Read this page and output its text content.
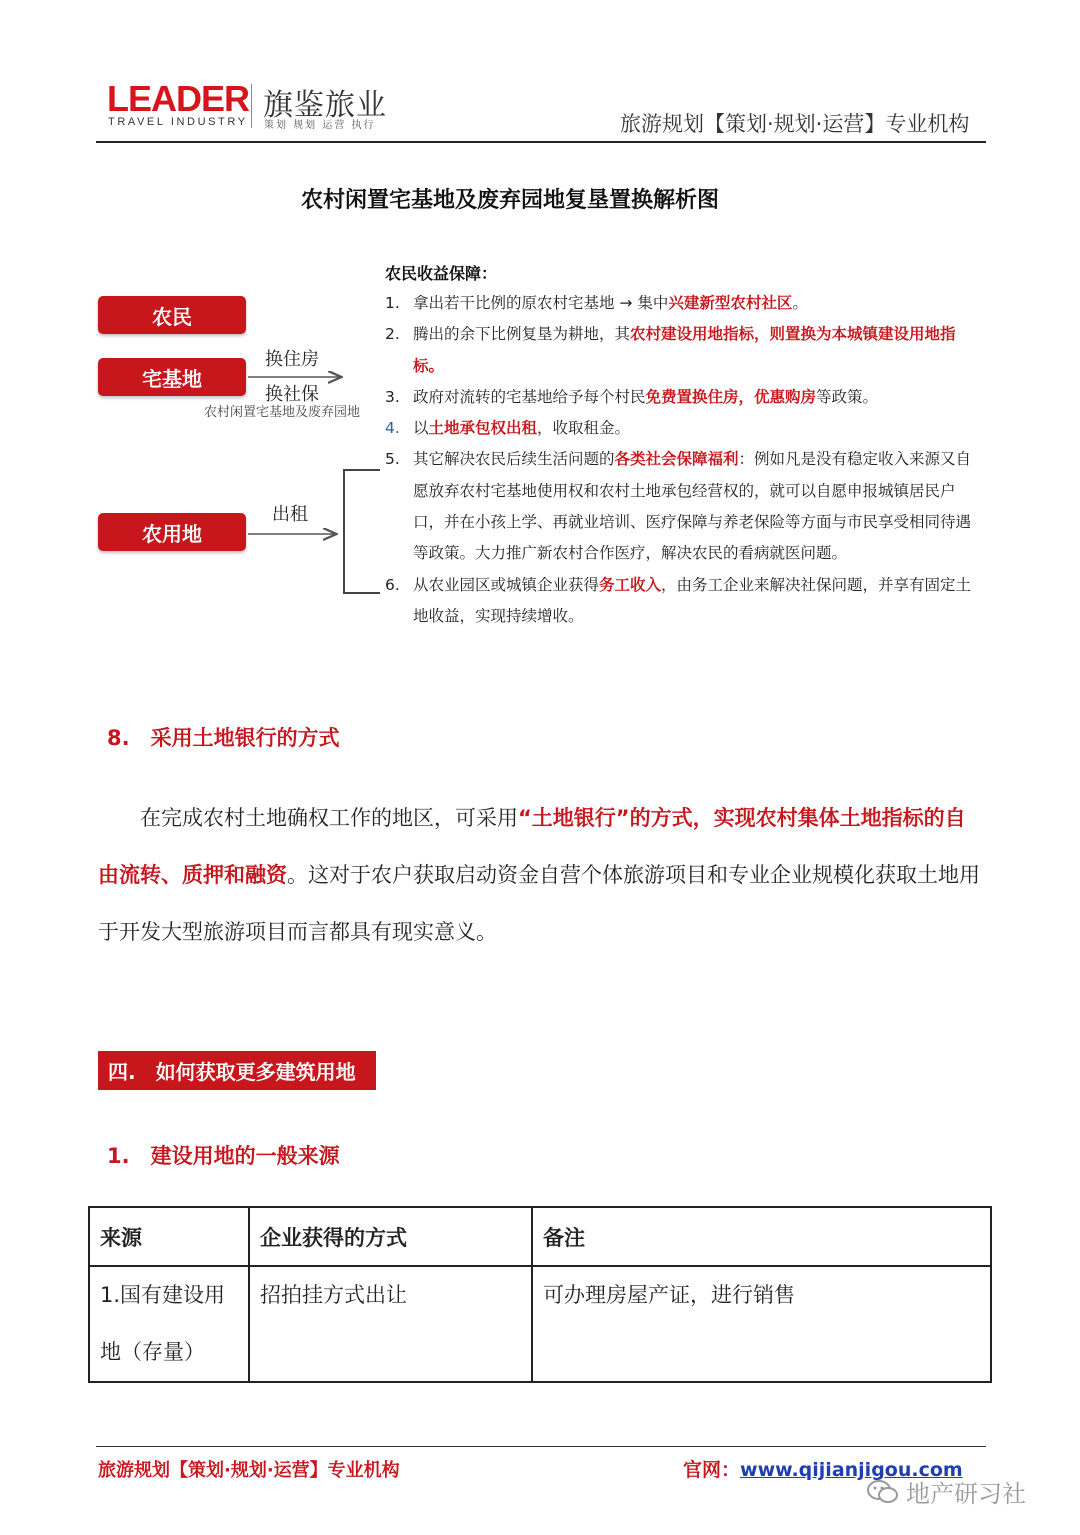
LEADER
TRAVEL INDUSTRY 旗鉴旅业
策划 规划 运营 执行	旅游规划【策划·规划·运营】专业机构
农村闲置宅基地及废弃园地复垦置换解析图
农民
宅基地
农用地
换住房
换社保
出租
农村闲置宅基地及废弃园地
农民收益保障：
1. 拿出若干比例的原农村宅基地 → 集中兴建新型农村社区。
2. 腾出的余下比例复垦为耕地，其农村建设用地指标，则置换为本城镇建设用地指标。
3. 政府对流转的宅基地给予每个村民免费置换住房，优惠购房等政策。
4. 以土地承包权出租，收取租金。
5. 其它解决农民后续生活问题的各类社会保障福利：例如凡是没有稳定收入来源又自愿放弃农村宅基地使用权和农村土地承包经营权的，就可以自愿申报城镇居民户口，并在小孩上学、再就业培训、医疗保障与养老保险等方面与市民享受相同待遇等政策。大力推广新农村合作医疗，解决农民的看病就医问题。
6. 从农业园区或城镇企业获得务工收入，由务工企业来解决社保问题，并享有固定土地收益，实现持续增收。
8. 采用土地银行的方式
在完成农村土地确权工作的地区，可采用“土地银行”的方式，实现农村集体土地指标的自由流转、质押和融资。这对于农户获取启动资金自营个体旅游项目和专业企业规模化获取土地用于开发大型旅游项目而言都具有现实意义。
四. 如何获取更多建筑用地
1. 建设用地的一般来源
来源	企业获得的方式	备注
1.国有建设用地（存量）	招拍挂方式出让	可办理房屋产证，进行销售
旅游规划【策划·规划·运营】专业机构	官网：www.qijianjigou.com
地产研习社
